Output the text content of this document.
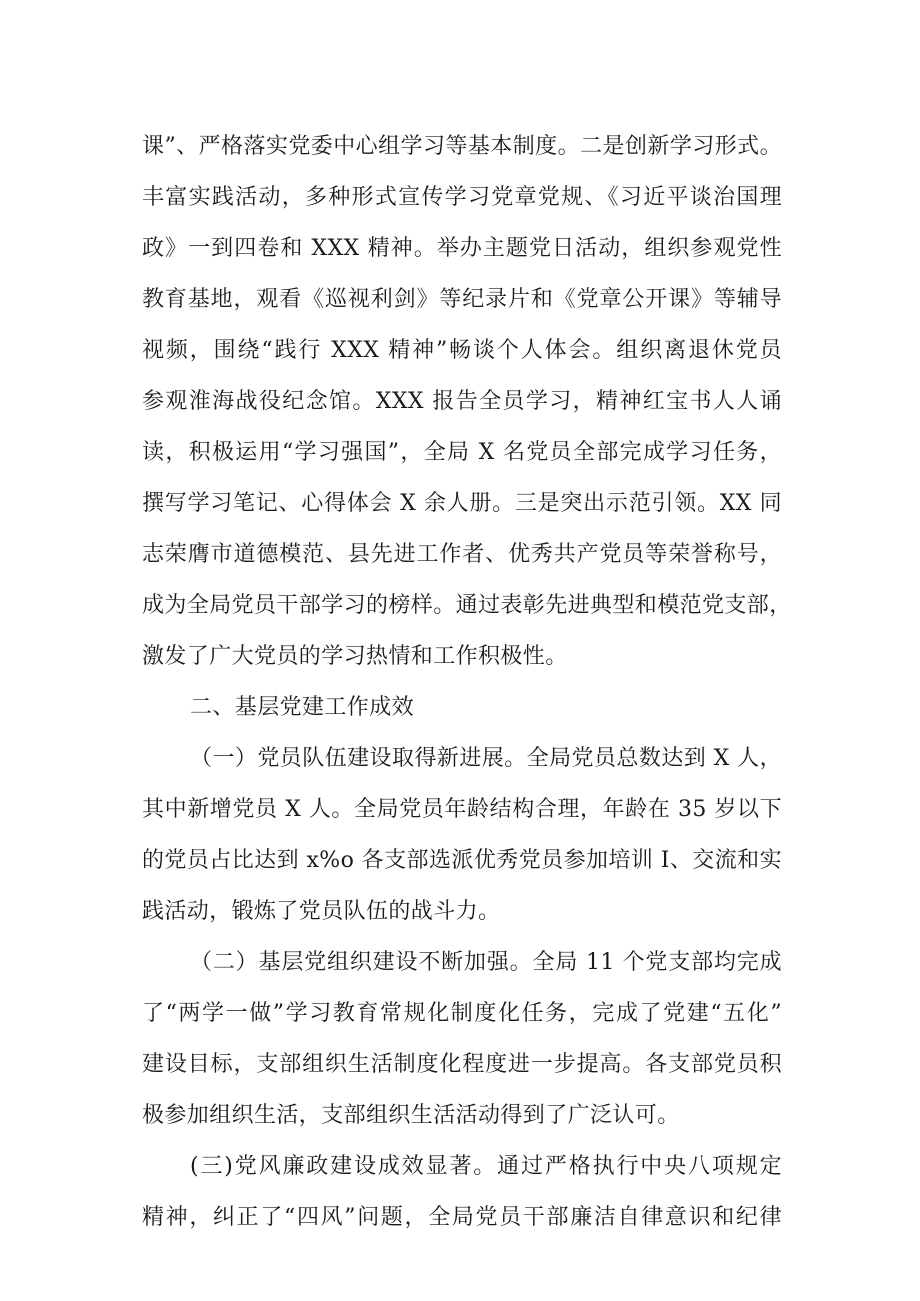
课”、严格落实党委中心组学习等基本制度。二是创新学习形式。
丰富实践活动，多种形式宣传学习党章党规、《习近平谈治国理
政》一到四卷和 XXX 精神。举办主题党日活动，组织参观党性
教育基地，观看《巡视利剑》等纪录片和《党章公开课》等辅导
视频，围绕“践行 XXX 精神”畅谈个人体会。组织离退休党员
参观淮海战役纪念馆。XXX 报告全员学习，精神红宝书人人诵
读，积极运用“学习强国”，全局 X 名党员全部完成学习任务，
撰写学习笔记、心得体会 X 余人册。三是突出示范引领。XX 同
志荣膺市道德模范、县先进工作者、优秀共产党员等荣誉称号，
成为全局党员干部学习的榜样。通过表彰先进典型和模范党支部，
激发了广大党员的学习热情和工作积极性。
二、基层党建工作成效
（一）党员队伍建设取得新进展。全局党员总数达到 X 人，
其中新增党员 X 人。全局党员年龄结构合理，年龄在 35 岁以下
的党员占比达到 x%o 各支部选派优秀党员参加培训 I、交流和实
践活动，锻炼了党员队伍的战斗力。
（二）基层党组织建设不断加强。全局 11 个党支部均完成
了“两学一做”学习教育常规化制度化任务，完成了党建“五化”
建设目标，支部组织生活制度化程度进一步提高。各支部党员积
极参加组织生活，支部组织生活活动得到了广泛认可。
(三)党风廉政建设成效显著。通过严格执行中央八项规定
精神，纠正了“四风”问题，全局党员干部廉洁自律意识和纪律
